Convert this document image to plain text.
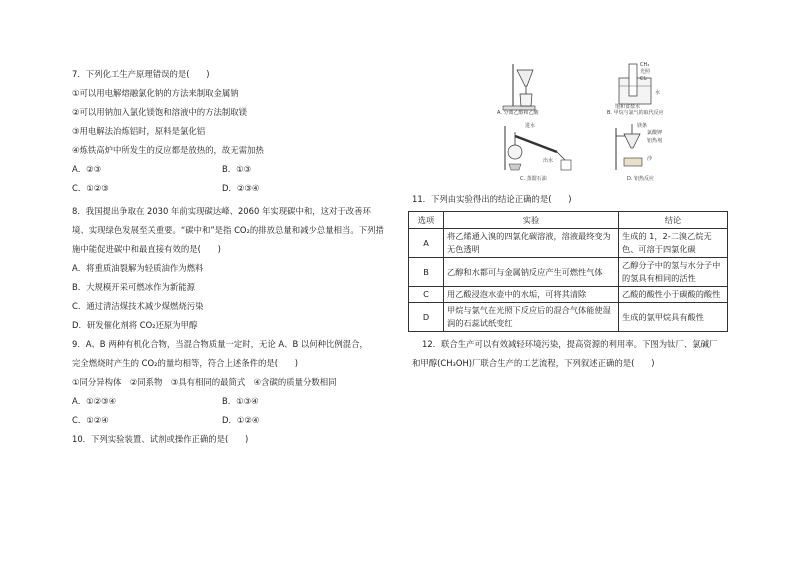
7．下列化工生产原理错误的是(　　)

①可以用电解熔融氯化钠的方法来制取金属钠

②可以用钠加入氯化镁饱和溶液中的方法制取镁

③用电解法冶炼铝时，原料是氯化铝

④炼铁高炉中所发生的反应都是放热的，故无需加热

A．②③	B．①③
C．①②③	D．②③④

8．我国提出争取在 2030 年前实现碳达峰、2060 年实现碳中和，这对于改善环

境、实现绿色发展至关重要。“碳中和”是指 CO₂的排放总量和减少总量相当。下列措

施中能促进碳中和最直接有效的是(　　)

A．将重质油裂解为轻质油作为燃料

B．大规模开采可燃冰作为新能源

C．通过清洁煤技术减少煤燃烧污染

D．研发催化剂将 CO₂还原为甲醇

9．A、B 两种有机化合物，当混合物质量一定时，无论 A、B 以何种比例混合，

完全燃烧时产生的 CO₂的量均相等，符合上述条件的是(　　)

①同分异构体　②同系物　③具有相同的最简式　④含碳的质量分数相同

A．①②③④	B．①③④
C．①②④	D．①②④

10．下列实验装置、试剂或操作正确的是(　　)

A. 分离乙醇和乙酸
CH₄
光照
Cl₂
水
饱和食盐水
B. 甲烷与氯气的取代反应
进水
出水
C. 蒸馏石油
镁条
氯酸钾
铝热剂
沙
D. 铝热反应

11．下列由实验得出的结论正确的是(　　)

选项	实验	结论
A	将乙烯通入溴的四氯化碳溶液，溶液最终变为无色透明	生成的 1，2-二溴乙烷无色、可溶于四氯化碳
B	乙醇和水都可与金属钠反应产生可燃性气体	乙醇分子中的氢与水分子中的氢具有相同的活性
C	用乙酸浸泡水壶中的水垢，可将其清除	乙酸的酸性小于碳酸的酸性
D	甲烷与氯气在光照下反应后的混合气体能使湿润的石蕊试纸变红	生成的氯甲烷具有酸性

12．联合生产可以有效减轻环境污染，提高资源的利用率。下图为钛厂、氯碱厂

和甲醇(CH₃OH)厂联合生产的工艺流程，下列叙述正确的是(　　)
